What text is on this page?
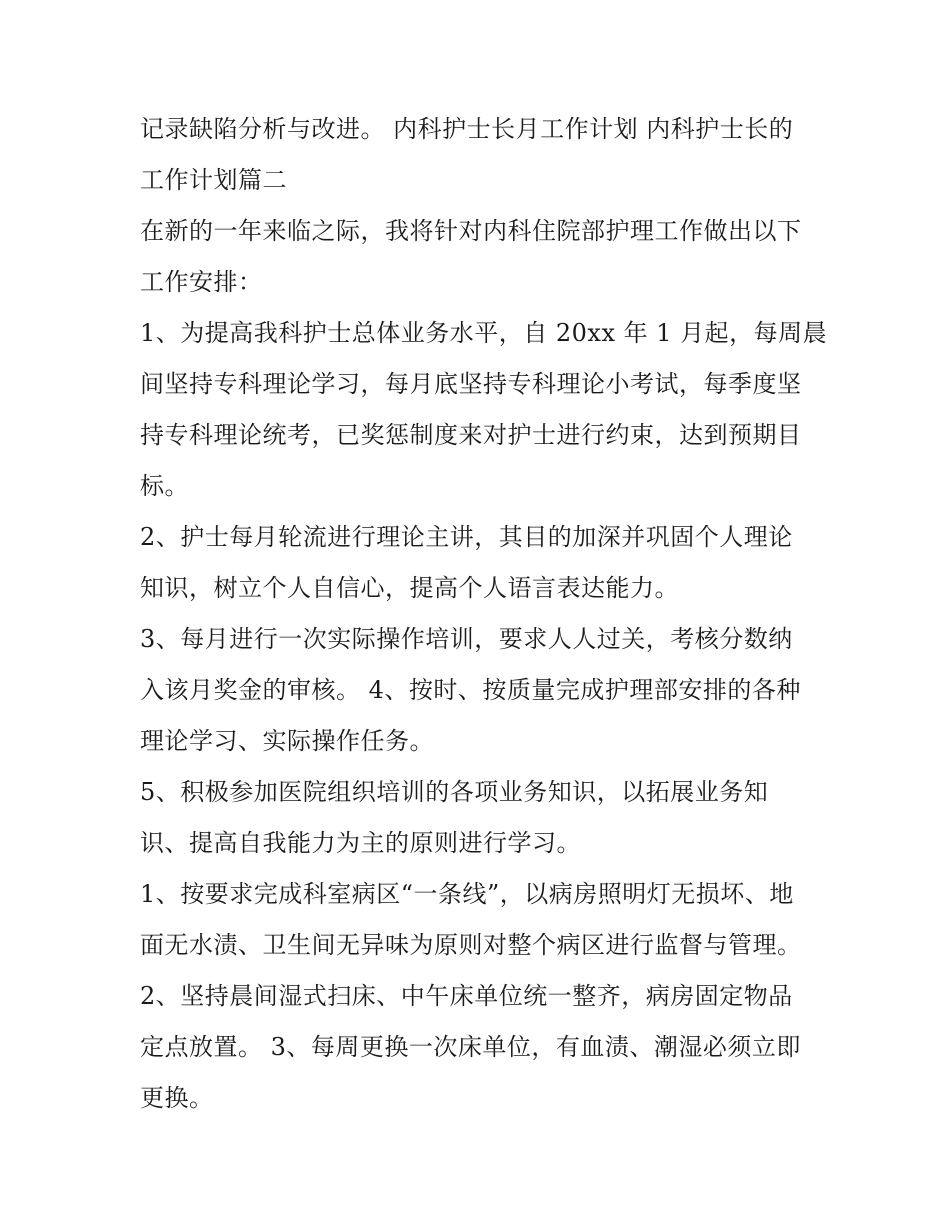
记录缺陷分析与改进。 内科护士长月工作计划 内科护士长的
工作计划篇二
在新的一年来临之际，我将针对内科住院部护理工作做出以下
工作安排：
1、为提高我科护士总体业务水平，自 20xx 年 1 月起，每周晨
间坚持专科理论学习，每月底坚持专科理论小考试，每季度坚
持专科理论统考，已奖惩制度来对护士进行约束，达到预期目
标。
2、护士每月轮流进行理论主讲，其目的加深并巩固个人理论
知识，树立个人自信心，提高个人语言表达能力。
3、每月进行一次实际操作培训，要求人人过关，考核分数纳
入该月奖金的审核。 4、按时、按质量完成护理部安排的各种
理论学习、实际操作任务。
5、积极参加医院组织培训的各项业务知识，以拓展业务知
识、提高自我能力为主的原则进行学习。
1、按要求完成科室病区“一条线”，以病房照明灯无损坏、地
面无水渍、卫生间无异味为原则对整个病区进行监督与管理。
2、坚持晨间湿式扫床、中午床单位统一整齐，病房固定物品
定点放置。 3、每周更换一次床单位，有血渍、潮湿必须立即
更换。
